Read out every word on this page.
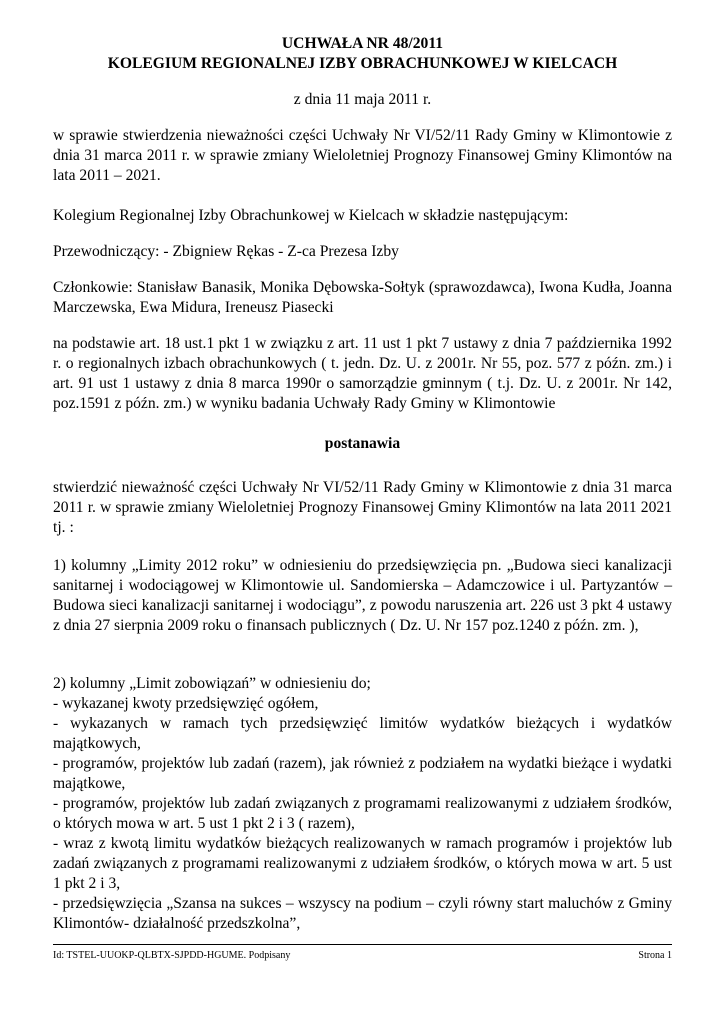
UCHWAŁA NR 48/2011

KOLEGIUM REGIONALNEJ IZBY OBRACHUNKOWEJ W KIELCACH

z dnia 11 maja 2011 r.

w sprawie stwierdzenia nieważności części Uchwały Nr VI/52/11 Rady Gminy w Klimontowie z dnia 31 marca 2011 r. w sprawie zmiany Wieloletniej Prognozy Finansowej Gminy Klimontów na lata 2011 – 2021.

Kolegium Regionalnej Izby Obrachunkowej w Kielcach w składzie następującym:

Przewodniczący: - Zbigniew Rękas - Z-ca Prezesa Izby

Członkowie: Stanisław Banasik, Monika Dębowska-Sołtyk (sprawozdawca), Iwona Kudła, Joanna Marczewska, Ewa Midura, Ireneusz Piasecki

na podstawie art. 18 ust.1 pkt 1 w związku z art. 11 ust 1 pkt 7 ustawy z dnia 7 października 1992 r. o regionalnych izbach obrachunkowych ( t. jedn. Dz. U. z 2001r. Nr 55, poz. 577 z późn. zm.) i art. 91 ust 1 ustawy z dnia 8 marca 1990r o samorządzie gminnym ( t.j. Dz. U. z 2001r. Nr 142, poz.1591 z późn. zm.) w wyniku badania Uchwały Rady Gminy w Klimontowie

postanawia

stwierdzić nieważność części Uchwały Nr VI/52/11 Rady Gminy w Klimontowie z dnia 31 marca 2011 r. w sprawie zmiany Wieloletniej Prognozy Finansowej Gminy Klimontów na lata 2011 2021 tj. :

1) kolumny „Limity 2012 roku” w odniesieniu do przedsięwzięcia pn. „Budowa sieci kanalizacji sanitarnej i wodociągowej w Klimontowie ul. Sandomierska – Adamczowice i ul. Partyzantów – Budowa sieci kanalizacji sanitarnej i wodociągu”, z powodu naruszenia art. 226 ust 3 pkt 4 ustawy z dnia 27 sierpnia 2009 roku o finansach publicznych ( Dz. U. Nr 157 poz.1240 z późn. zm. ),

2) kolumny „Limit zobowiązań” w odniesieniu do;

- wykazanej kwoty przedsięwzięć ogółem,

- wykazanych w ramach tych przedsięwzięć limitów wydatków bieżących i wydatków majątkowych,

- programów, projektów lub zadań (razem), jak również z podziałem na wydatki bieżące i wydatki majątkowe,

- programów, projektów lub zadań związanych z programami realizowanymi z udziałem środków, o których mowa w art. 5 ust 1 pkt 2 i 3 ( razem),

- wraz z kwotą limitu wydatków bieżących realizowanych w ramach programów i projektów lub zadań związanych z programami realizowanymi z udziałem środków, o których mowa w art. 5 ust 1 pkt 2 i 3,

- przedsięwzięcia „Szansa na sukces – wszyscy na podium – czyli równy start maluchów z Gminy Klimontów- działalność przedszkolna”,

Id: TSTEL-UUOKP-QLBTX-SJPDD-HGUME. Podpisany	Strona 1
